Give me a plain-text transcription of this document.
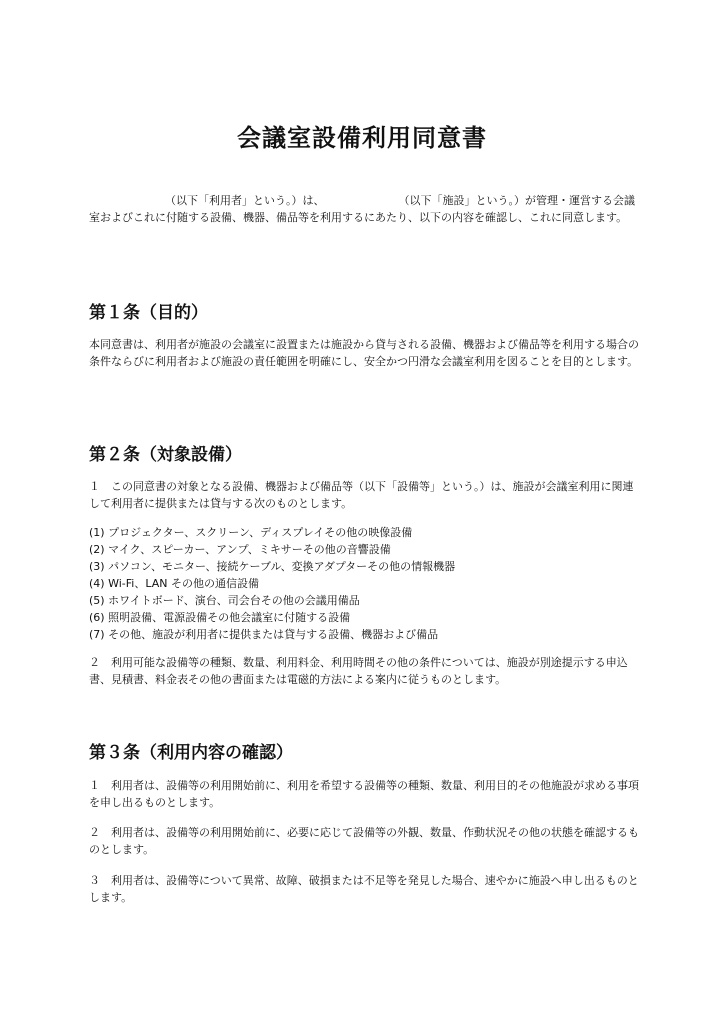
会議室設備利用同意書

（以下「利用者」という。）は、	（以下「施設」という。）が管理・運営する会議室およびこれに付随する設備、機器、備品等を利用するにあたり、以下の内容を確認し、これに同意します。

第１条（目的）

本同意書は、利用者が施設の会議室に設置または施設から貸与される設備、機器および備品等を利用する場合の条件ならびに利用者および施設の責任範囲を明確にし、安全かつ円滑な会議室利用を図ることを目的とします。

第２条（対象設備）

１　この同意書の対象となる設備、機器および備品等（以下「設備等」という。）は、施設が会議室利用に関連して利用者に提供または貸与する次のものとします。

(1) プロジェクター、スクリーン、ディスプレイその他の映像設備
(2) マイク、スピーカー、アンプ、ミキサーその他の音響設備
(3) パソコン、モニター、接続ケーブル、変換アダプターその他の情報機器
(4) Wi-Fi、LAN その他の通信設備
(5) ホワイトボード、演台、司会台その他の会議用備品
(6) 照明設備、電源設備その他会議室に付随する設備
(7) その他、施設が利用者に提供または貸与する設備、機器および備品

２　利用可能な設備等の種類、数量、利用料金、利用時間その他の条件については、施設が別途提示する申込書、見積書、料金表その他の書面または電磁的方法による案内に従うものとします。

第３条（利用内容の確認）

１　利用者は、設備等の利用開始前に、利用を希望する設備等の種類、数量、利用目的その他施設が求める事項を申し出るものとします。

２　利用者は、設備等の利用開始前に、必要に応じて設備等の外観、数量、作動状況その他の状態を確認するものとします。

３　利用者は、設備等について異常、故障、破損または不足等を発見した場合、速やかに施設へ申し出るものとします。
